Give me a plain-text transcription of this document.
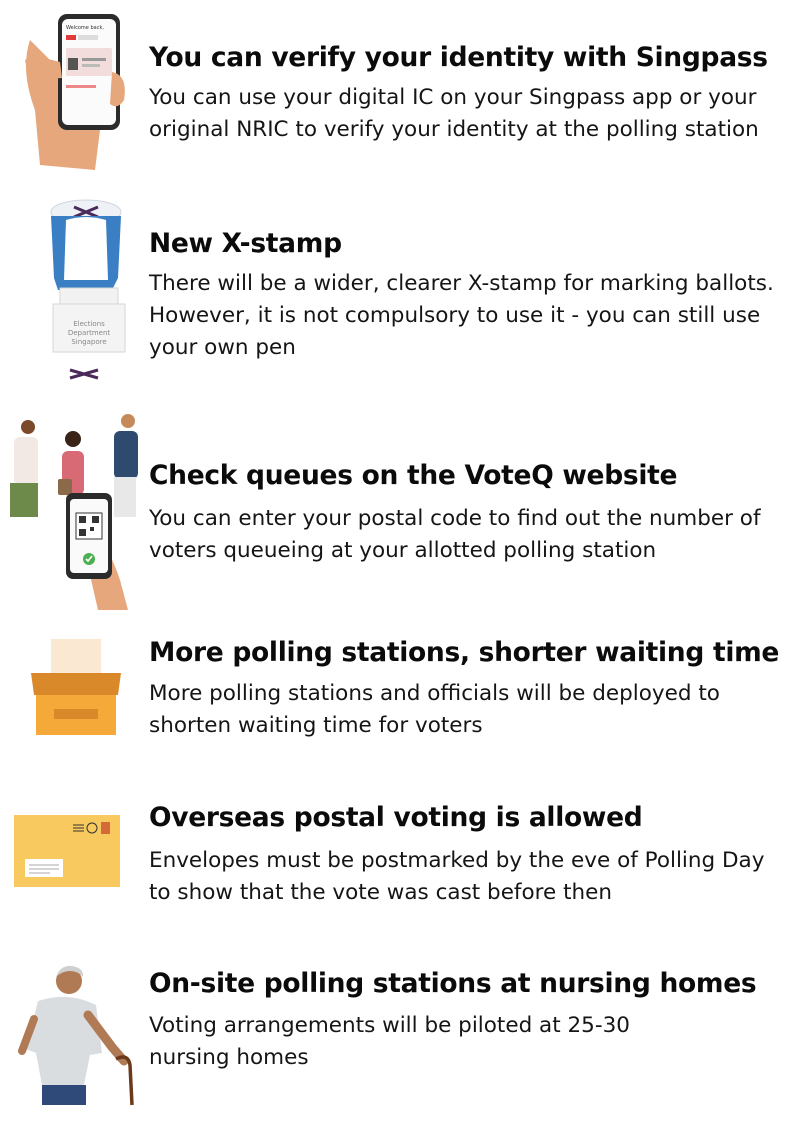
Welcome back,
You can verify your identity with Singpass
You can use your digital IC on your Singpass app or your
original NRIC to verify your identity at the polling station
New X-stamp
There will be a wider, clearer X-stamp for marking ballots.
However, it is not compulsory to use it - you can still use
your own pen
Elections
Department
Singapore
Check queues on the VoteQ website
You can enter your postal code to find out the number of
voters queueing at your allotted polling station
More polling stations, shorter waiting time
More polling stations and officials will be deployed to
shorten waiting time for voters
Overseas postal voting is allowed
Envelopes must be postmarked by the eve of Polling Day
to show that the vote was cast before then
On-site polling stations at nursing homes
Voting arrangements will be piloted at 25-30
nursing homes
